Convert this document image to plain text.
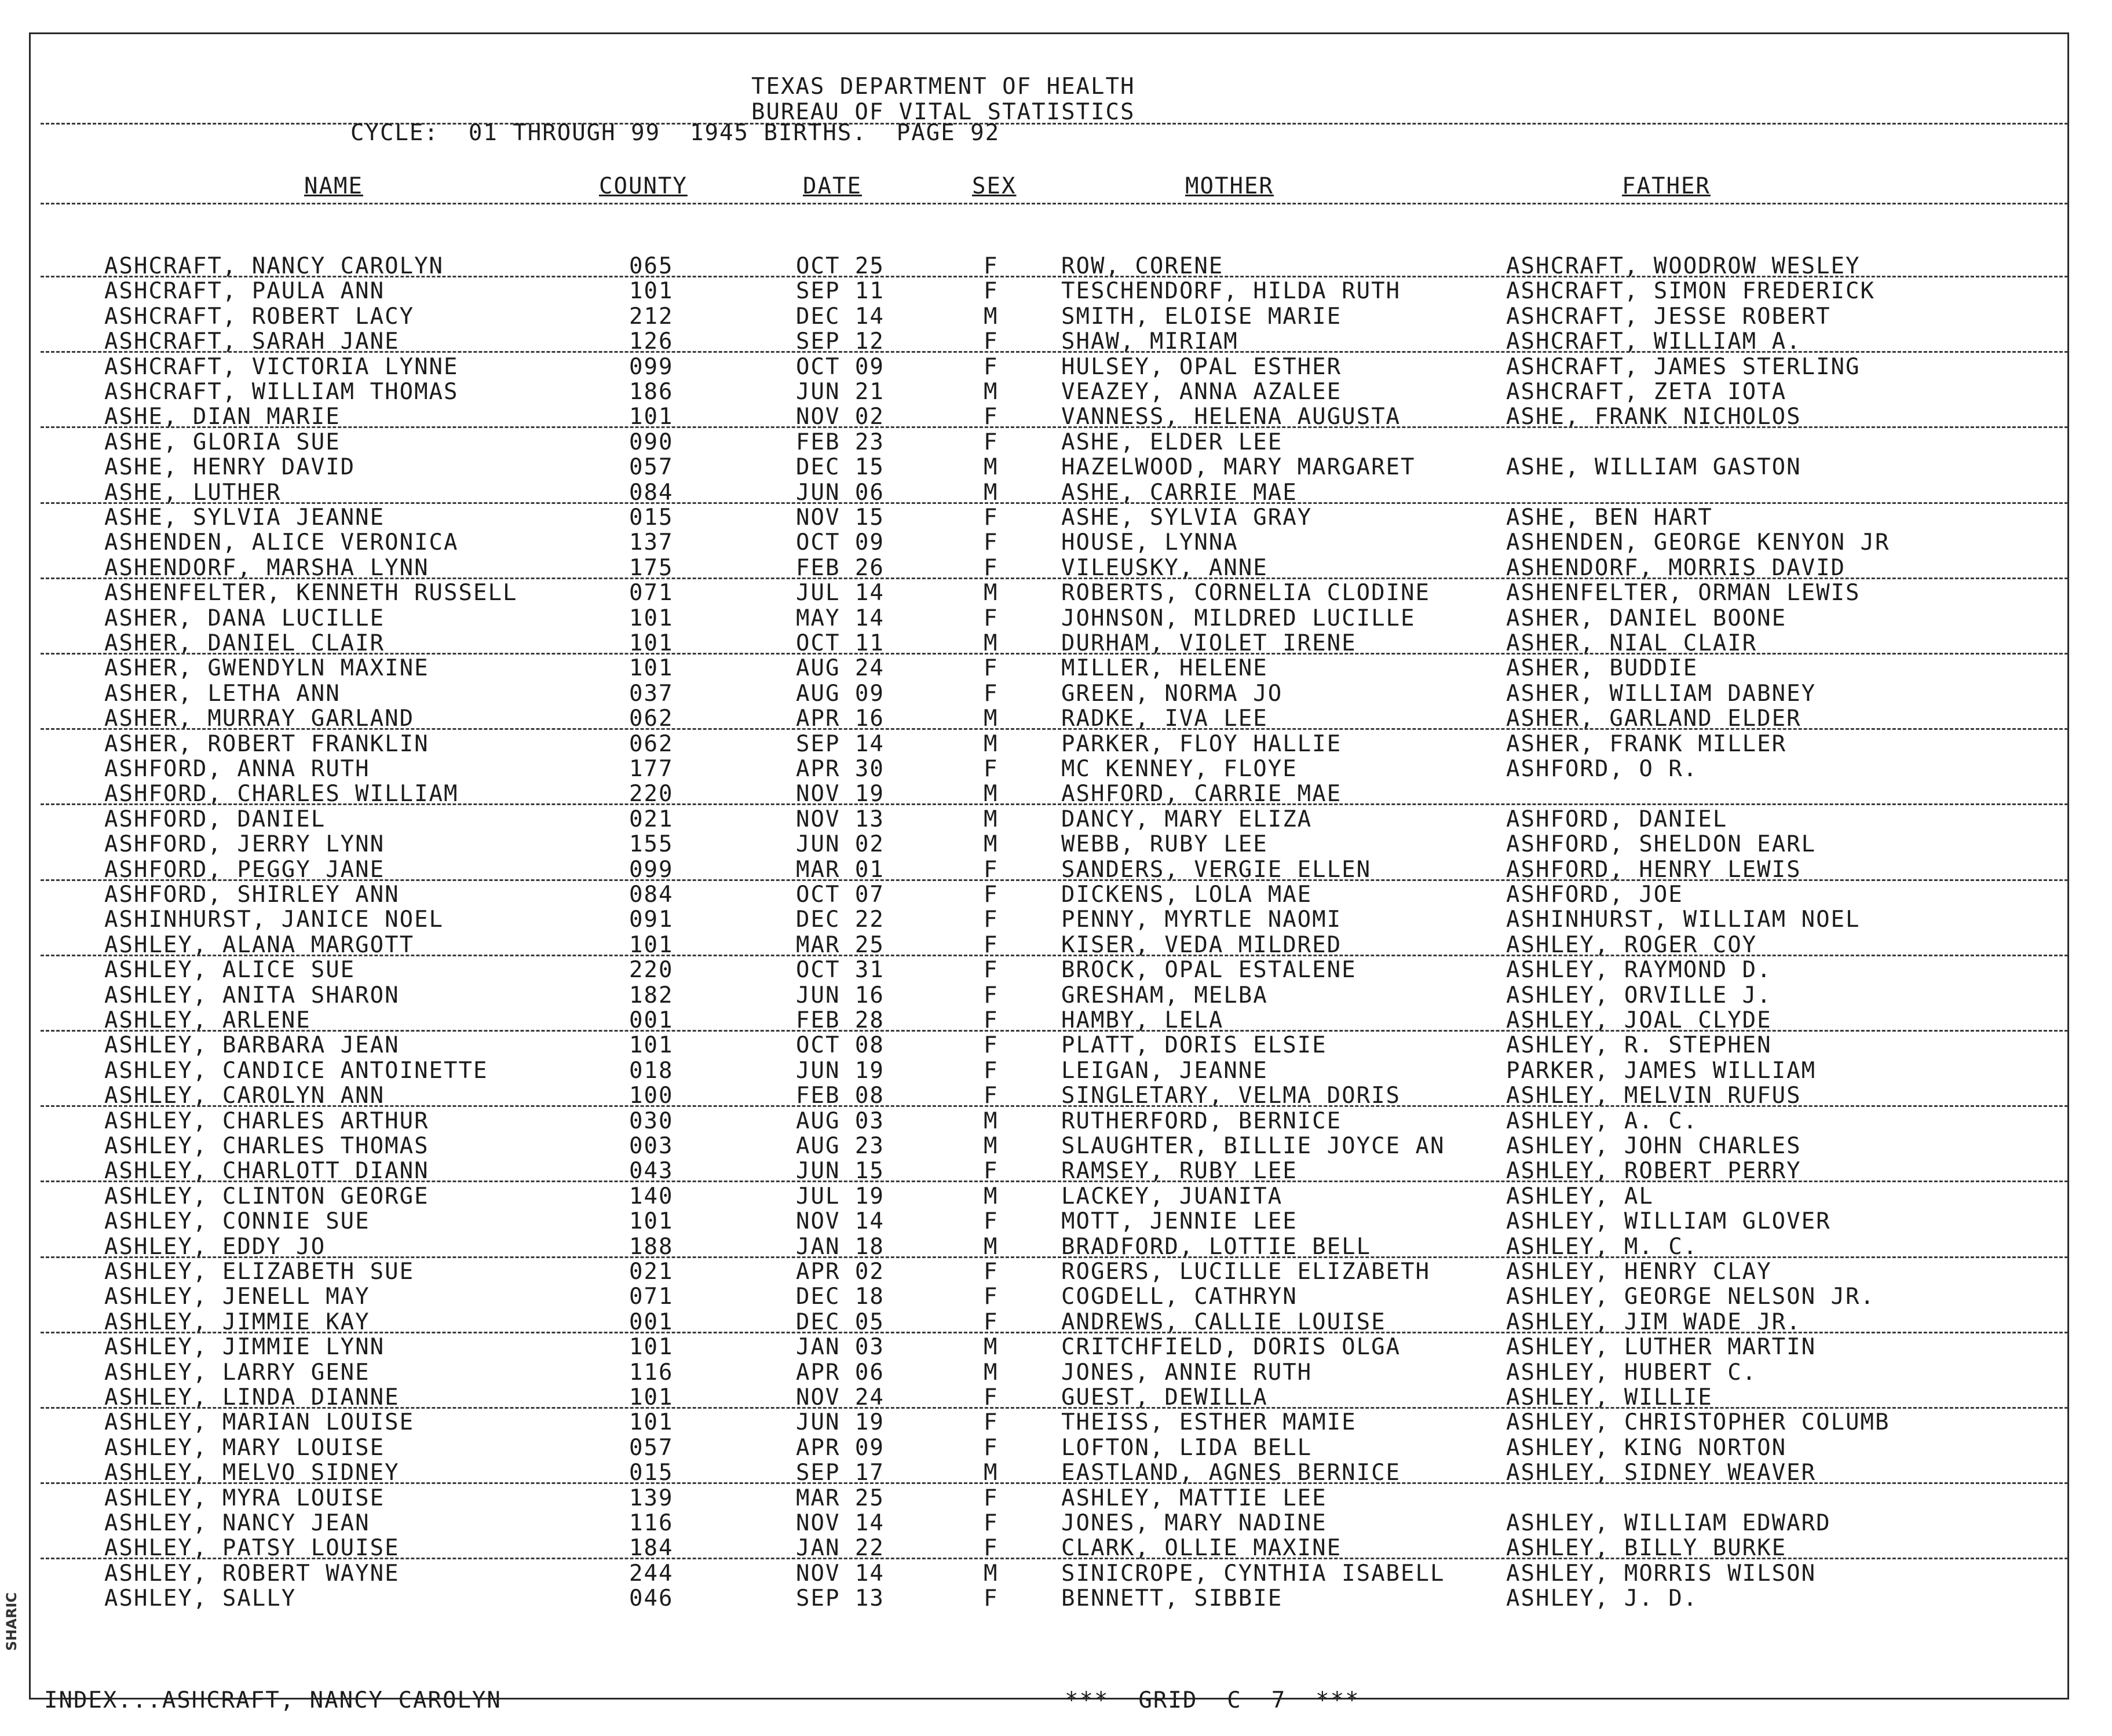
TEXAS DEPARTMENT OF HEALTH
BUREAU OF VITAL STATISTICS
CYCLE:  01 THROUGH 99  1945 BIRTHS.  PAGE 92
NAME	COUNTY	DATE	SEX	MOTHER	FATHER
ASHCRAFT, NANCY CAROLYN	065	OCT 25	F	ROW, CORENE	ASHCRAFT, WOODROW WESLEY
ASHCRAFT, PAULA ANN	101	SEP 11	F	TESCHENDORF, HILDA RUTH	ASHCRAFT, SIMON FREDERICK
ASHCRAFT, ROBERT LACY	212	DEC 14	M	SMITH, ELOISE MARIE	ASHCRAFT, JESSE ROBERT
ASHCRAFT, SARAH JANE	126	SEP 12	F	SHAW, MIRIAM	ASHCRAFT, WILLIAM A.
ASHCRAFT, VICTORIA LYNNE	099	OCT 09	F	HULSEY, OPAL ESTHER	ASHCRAFT, JAMES STERLING
ASHCRAFT, WILLIAM THOMAS	186	JUN 21	M	VEAZEY, ANNA AZALEE	ASHCRAFT, ZETA IOTA
ASHE, DIAN MARIE	101	NOV 02	F	VANNESS, HELENA AUGUSTA	ASHE, FRANK NICHOLOS
ASHE, GLORIA SUE	090	FEB 23	F	ASHE, ELDER LEE
ASHE, HENRY DAVID	057	DEC 15	M	HAZELWOOD, MARY MARGARET	ASHE, WILLIAM GASTON
ASHE, LUTHER	084	JUN 06	M	ASHE, CARRIE MAE
ASHE, SYLVIA JEANNE	015	NOV 15	F	ASHE, SYLVIA GRAY	ASHE, BEN HART
ASHENDEN, ALICE VERONICA	137	OCT 09	F	HOUSE, LYNNA	ASHENDEN, GEORGE KENYON JR
ASHENDORF, MARSHA LYNN	175	FEB 26	F	VILEUSKY, ANNE	ASHENDORF, MORRIS DAVID
ASHENFELTER, KENNETH RUSSELL	071	JUL 14	M	ROBERTS, CORNELIA CLODINE	ASHENFELTER, ORMAN LEWIS
ASHER, DANA LUCILLE	101	MAY 14	F	JOHNSON, MILDRED LUCILLE	ASHER, DANIEL BOONE
ASHER, DANIEL CLAIR	101	OCT 11	M	DURHAM, VIOLET IRENE	ASHER, NIAL CLAIR
ASHER, GWENDYLN MAXINE	101	AUG 24	F	MILLER, HELENE	ASHER, BUDDIE
ASHER, LETHA ANN	037	AUG 09	F	GREEN, NORMA JO	ASHER, WILLIAM DABNEY
ASHER, MURRAY GARLAND	062	APR 16	M	RADKE, IVA LEE	ASHER, GARLAND ELDER
ASHER, ROBERT FRANKLIN	062	SEP 14	M	PARKER, FLOY HALLIE	ASHER, FRANK MILLER
ASHFORD, ANNA RUTH	177	APR 30	F	MC KENNEY, FLOYE	ASHFORD, O R.
ASHFORD, CHARLES WILLIAM	220	NOV 19	M	ASHFORD, CARRIE MAE
ASHFORD, DANIEL	021	NOV 13	M	DANCY, MARY ELIZA	ASHFORD, DANIEL
ASHFORD, JERRY LYNN	155	JUN 02	M	WEBB, RUBY LEE	ASHFORD, SHELDON EARL
ASHFORD, PEGGY JANE	099	MAR 01	F	SANDERS, VERGIE ELLEN	ASHFORD, HENRY LEWIS
ASHFORD, SHIRLEY ANN	084	OCT 07	F	DICKENS, LOLA MAE	ASHFORD, JOE
ASHINHURST, JANICE NOEL	091	DEC 22	F	PENNY, MYRTLE NAOMI	ASHINHURST, WILLIAM NOEL
ASHLEY, ALANA MARGOTT	101	MAR 25	F	KISER, VEDA MILDRED	ASHLEY, ROGER COY
ASHLEY, ALICE SUE	220	OCT 31	F	BROCK, OPAL ESTALENE	ASHLEY, RAYMOND D.
ASHLEY, ANITA SHARON	182	JUN 16	F	GRESHAM, MELBA	ASHLEY, ORVILLE J.
ASHLEY, ARLENE	001	FEB 28	F	HAMBY, LELA	ASHLEY, JOAL CLYDE
ASHLEY, BARBARA JEAN	101	OCT 08	F	PLATT, DORIS ELSIE	ASHLEY, R. STEPHEN
ASHLEY, CANDICE ANTOINETTE	018	JUN 19	F	LEIGAN, JEANNE	PARKER, JAMES WILLIAM
ASHLEY, CAROLYN ANN	100	FEB 08	F	SINGLETARY, VELMA DORIS	ASHLEY, MELVIN RUFUS
ASHLEY, CHARLES ARTHUR	030	AUG 03	M	RUTHERFORD, BERNICE	ASHLEY, A. C.
ASHLEY, CHARLES THOMAS	003	AUG 23	M	SLAUGHTER, BILLIE JOYCE AN	ASHLEY, JOHN CHARLES
ASHLEY, CHARLOTT DIANN	043	JUN 15	F	RAMSEY, RUBY LEE	ASHLEY, ROBERT PERRY
ASHLEY, CLINTON GEORGE	140	JUL 19	M	LACKEY, JUANITA	ASHLEY, AL
ASHLEY, CONNIE SUE	101	NOV 14	F	MOTT, JENNIE LEE	ASHLEY, WILLIAM GLOVER
ASHLEY, EDDY JO	188	JAN 18	M	BRADFORD, LOTTIE BELL	ASHLEY, M. C.
ASHLEY, ELIZABETH SUE	021	APR 02	F	ROGERS, LUCILLE ELIZABETH	ASHLEY, HENRY CLAY
ASHLEY, JENELL MAY	071	DEC 18	F	COGDELL, CATHRYN	ASHLEY, GEORGE NELSON JR.
ASHLEY, JIMMIE KAY	001	DEC 05	F	ANDREWS, CALLIE LOUISE	ASHLEY, JIM WADE JR.
ASHLEY, JIMMIE LYNN	101	JAN 03	M	CRITCHFIELD, DORIS OLGA	ASHLEY, LUTHER MARTIN
ASHLEY, LARRY GENE	116	APR 06	M	JONES, ANNIE RUTH	ASHLEY, HUBERT C.
ASHLEY, LINDA DIANNE	101	NOV 24	F	GUEST, DEWILLA	ASHLEY, WILLIE
ASHLEY, MARIAN LOUISE	101	JUN 19	F	THEISS, ESTHER MAMIE	ASHLEY, CHRISTOPHER COLUMB
ASHLEY, MARY LOUISE	057	APR 09	F	LOFTON, LIDA BELL	ASHLEY, KING NORTON
ASHLEY, MELVO SIDNEY	015	SEP 17	M	EASTLAND, AGNES BERNICE	ASHLEY, SIDNEY WEAVER
ASHLEY, MYRA LOUISE	139	MAR 25	F	ASHLEY, MATTIE LEE
ASHLEY, NANCY JEAN	116	NOV 14	F	JONES, MARY NADINE	ASHLEY, WILLIAM EDWARD
ASHLEY, PATSY LOUISE	184	JAN 22	F	CLARK, OLLIE MAXINE	ASHLEY, BILLY BURKE
ASHLEY, ROBERT WAYNE	244	NOV 14	M	SINICROPE, CYNTHIA ISABELL	ASHLEY, MORRIS WILSON
ASHLEY, SALLY	046	SEP 13	F	BENNETT, SIBBIE	ASHLEY, J. D.
INDEX...ASHCRAFT, NANCY CAROLYN	***  GRID  C  7  ***
SHARIC
